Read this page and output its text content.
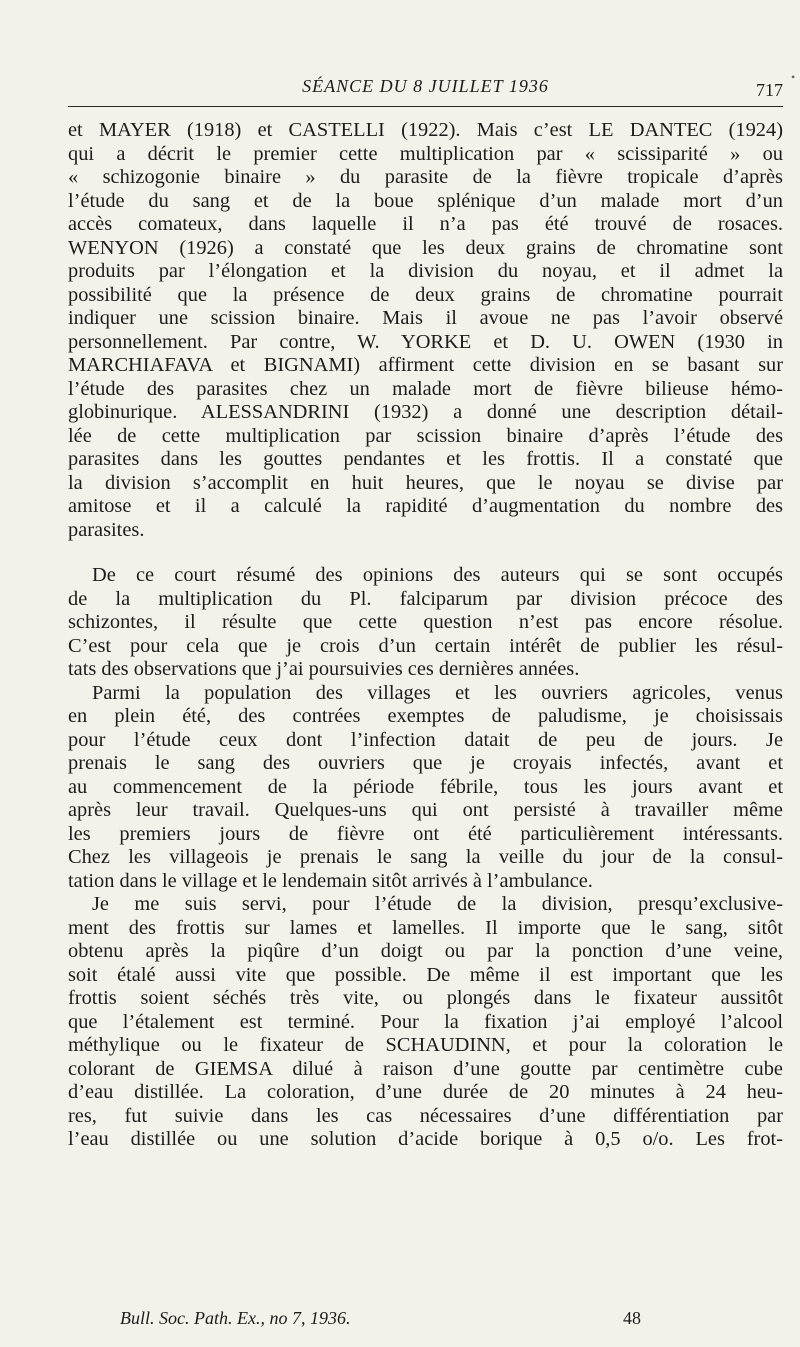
•
SÉANCE DU 8 JUILLET 1936	717
et MAYER (1918) et CASTELLI (1922). Mais c’est LE DANTEC (1924)
qui a décrit le premier cette multiplication par « scissiparité » ou
« schizogonie binaire » du parasite de la fièvre tropicale d’après
l’étude du sang et de la boue splénique d’un malade mort d’un
accès comateux, dans laquelle il n’a pas été trouvé de rosaces.
WENYON (1926) a constaté que les deux grains de chromatine sont
produits par l’élongation et la division du noyau, et il admet la
possibilité que la présence de deux grains de chromatine pourrait
indiquer une scission binaire. Mais il avoue ne pas l’avoir observé
personnellement. Par contre, W. YORKE et D. U. OWEN (1930 in
MARCHIAFAVA et BIGNAMI) affirment cette division en se basant sur
l’étude des parasites chez un malade mort de fièvre bilieuse hémo-
globinurique. ALESSANDRINI (1932) a donné une description détail-
lée de cette multiplication par scission binaire d’après l’étude des
parasites dans les gouttes pendantes et les frottis. Il a constaté que
la division s’accomplit en huit heures, que le noyau se divise par
amitose et il a calculé la rapidité d’augmentation du nombre des
parasites.
De ce court résumé des opinions des auteurs qui se sont occupés
de la multiplication du Pl. falciparum par division précoce des
schizontes, il résulte que cette question n’est pas encore résolue.
C’est pour cela que je crois d’un certain intérêt de publier les résul-
tats des observations que j’ai poursuivies ces dernières années.
Parmi la population des villages et les ouvriers agricoles, venus
en plein été, des contrées exemptes de paludisme, je choisissais
pour l’étude ceux dont l’infection datait de peu de jours. Je
prenais le sang des ouvriers que je croyais infectés, avant et
au commencement de la période fébrile, tous les jours avant et
après leur travail. Quelques-uns qui ont persisté à travailler même
les premiers jours de fièvre ont été particulièrement intéressants.
Chez les villageois je prenais le sang la veille du jour de la consul-
tation dans le village et le lendemain sitôt arrivés à l’ambulance.
Je me suis servi, pour l’étude de la division, presqu’exclusive-
ment des frottis sur lames et lamelles. Il importe que le sang, sitôt
obtenu après la piqûre d’un doigt ou par la ponction d’une veine,
soit étalé aussi vite que possible. De même il est important que les
frottis soient séchés très vite, ou plongés dans le fixateur aussitôt
que l’étalement est terminé. Pour la fixation j’ai employé l’alcool
méthylique ou le fixateur de SCHAUDINN, et pour la coloration le
colorant de GIEMSA dilué à raison d’une goutte par centimètre cube
d’eau distillée. La coloration, d’une durée de 20 minutes à 24 heu-
res, fut suivie dans les cas nécessaires d’une différentiation par
l’eau distillée ou une solution d’acide borique à 0,5 o/o. Les frot-
Bull. Soc. Path. Ex., no 7, 1936.	48
